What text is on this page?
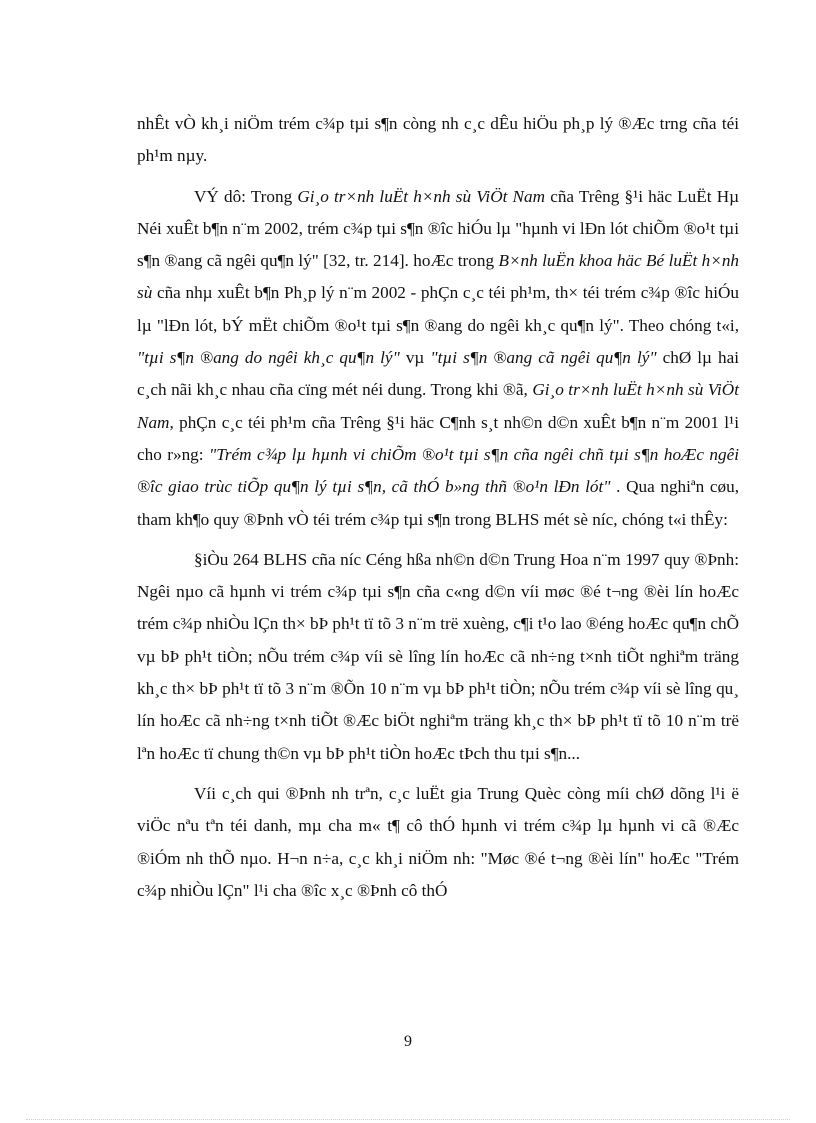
nhÊt vÒ kh¸i niÖm trém c¾p tµi s¶n còng nh c¸c dÊu hiÖu ph¸p lý ®Æc trng cña téi ph¹m nµy.

VÝ dô: Trong Gi¸o tr×nh luËt h×nh sù ViÖt Nam cña Trêng §¹i häc LuËt Hµ Néi xuÊt b¶n n¨m 2002, trém c¾p tµi s¶n ®îc hiÓu lµ "hµnh vi lÐn lót chiÕm ®o¹t tµi s¶n ®ang cã ngêi qu¶n lý" [32, tr. 214]. hoÆc trong B×nh luËn khoa häc Bé luËt h×nh sù cña nhµ xuÊt b¶n Ph¸p lý n¨m 2002 - phÇn c¸c téi ph¹m, th× téi trém c¾p ®îc hiÓu lµ "lÐn lót, bÝ mËt chiÕm ®o¹t tµi s¶n ®ang do ngêi kh¸c qu¶n lý". Theo chóng t«i, "tµi s¶n ®ang do ngêi kh¸c qu¶n lý" vµ "tµi s¶n ®ang cã ngêi qu¶n lý" chØ lµ hai c¸ch nãi kh¸c nhau cña cïng mét néi dung. Trong khi ®ã, Gi¸o tr×nh luËt h×nh sù ViÖt Nam, phÇn c¸c téi ph¹m cña Trêng §¹i häc C¶nh s¸t nh©n d©n xuÊt b¶n n¨m 2001 l¹i cho r»ng: "Trém c¾p lµ hµnh vi chiÕm ®o¹t tµi s¶n cña ngêi chñ tµi s¶n hoÆc ngêi ®îc giao trùc tiÕp qu¶n lý tµi s¶n, cã thÓ b»ng thñ ®o¹n lÐn lót" . Qua nghiªn cøu, tham kh¶o quy ®Þnh vÒ téi trém c¾p tµi s¶n trong BLHS mét sè níc, chóng t«i thÊy:

§iÒu 264 BLHS cña níc Céng hßa nh©n d©n Trung Hoa n¨m 1997 quy ®Þnh: Ngêi nµo cã hµnh vi trém c¾p tµi s¶n cña c«ng d©n víi møc ®é t¬ng ®èi lín hoÆc trém c¾p nhiÒu lÇn th× bÞ ph¹t tï tõ 3 n¨m trë xuèng, c¶i t¹o lao ®éng hoÆc qu¶n chÕ vµ bÞ ph¹t tiÒn; nÕu trém c¾p víi sè lîng lín hoÆc cã nh÷ng t×nh tiÕt nghiªm träng kh¸c th× bÞ ph¹t tï tõ 3 n¨m ®Õn 10 n¨m vµ bÞ ph¹t tiÒn; nÕu trém c¾p víi sè lîng qu¸ lín hoÆc cã nh÷ng t×nh tiÕt ®Æc biÖt nghiªm träng kh¸c th× bÞ ph¹t tï tõ 10 n¨m trë lªn hoÆc tï chung th©n vµ bÞ ph¹t tiÒn hoÆc tÞch thu tµi s¶n...

Víi c¸ch qui ®Þnh nh trªn, c¸c luËt gia Trung Quèc còng míi chØ dõng l¹i ë viÖc nªu tªn téi danh, mµ cha m« t¶ cô thÓ hµnh vi trém c¾p lµ hµnh vi cã ®Æc ®iÓm nh thÕ nµo. H¬n n÷a, c¸c kh¸i niÖm nh: "Møc ®é t¬ng ®èi lín" hoÆc "Trém c¾p nhiÒu lÇn" l¹i cha ®îc x¸c ®Þnh cô thÓ

9
